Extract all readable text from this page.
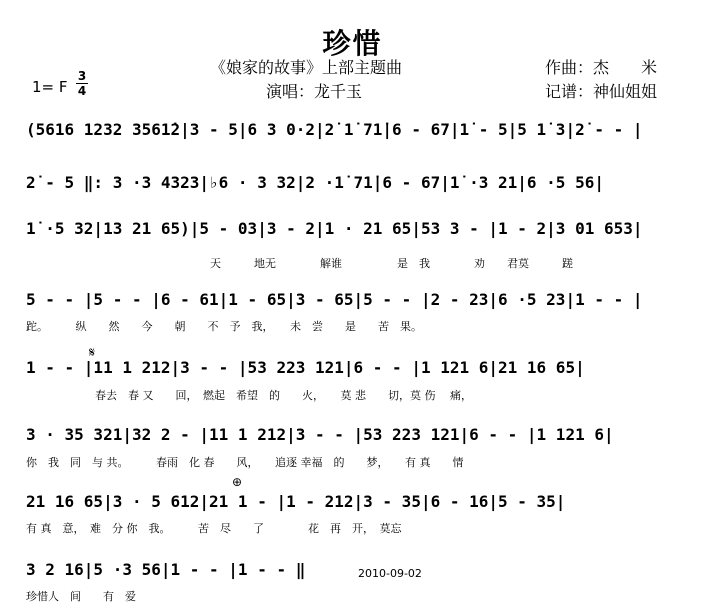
珍惜
《娘家的故事》上部主题曲
演唱：龙千玉
作曲：杰　　米
记谱：神仙姐姐
1= F
3
4
(5616 1232 3561̇2|3 - 5|6 3 0·2|2̇ 1̇ 71̇|6 - 67|1̇ - 5|5 1̇ 3|2̇ - - |
2̇ - 5 ‖: 3 ·3 4323|♭6 · 3 32|2 ·1̇ 71̇|6 - 67|1̇ ·3 21|6 ·5 56|
1̇ ·5 32|13 21 65)|5 - 03|3 - 2|1 · 21 65|53 3 - |1 - 2|3 01 653|
天　　　地无　　　　解谁　　　　　是　我　　　　劝　　君莫　　　蹉
5 - - |5 - - |6 - 61|1 - 65|3 - 65|5 - - |2 - 23|6 ·5 23|1 - - |
跎。　　　纵　　然　　今　　朝　　不　予　我，　　未　尝　　是　　苦　果。
𝄋
1 - - |11 1 212|3 - - |53 223 121|6 - - |1 121 6|21 16 65|
春去　春 又　　回，　燃起　希望　的　　火，　　莫 悲　　切，莫 伤　 痛，
3 · 35 321|32 2 - |11 1 212|3 - - |53 223 121|6 - - |1 121 6|
你　我　同　与 共。　　　春雨　化 春　　风，　　追逐 幸福　的　　梦，　　有 真　　情
⊕
21 16 65|3 · 5 612|21 1 - |1 - 212|3 - 35|6 - 16|5 - 35|
有 真　意，　难　分 你　我。　　　苦　尽　　了　　　　花　再　开，　莫忘
3 2 16|5 ·3 56|1 - - |1 - - ‖
珍惜人　间　　有　爱
2010-09-02
